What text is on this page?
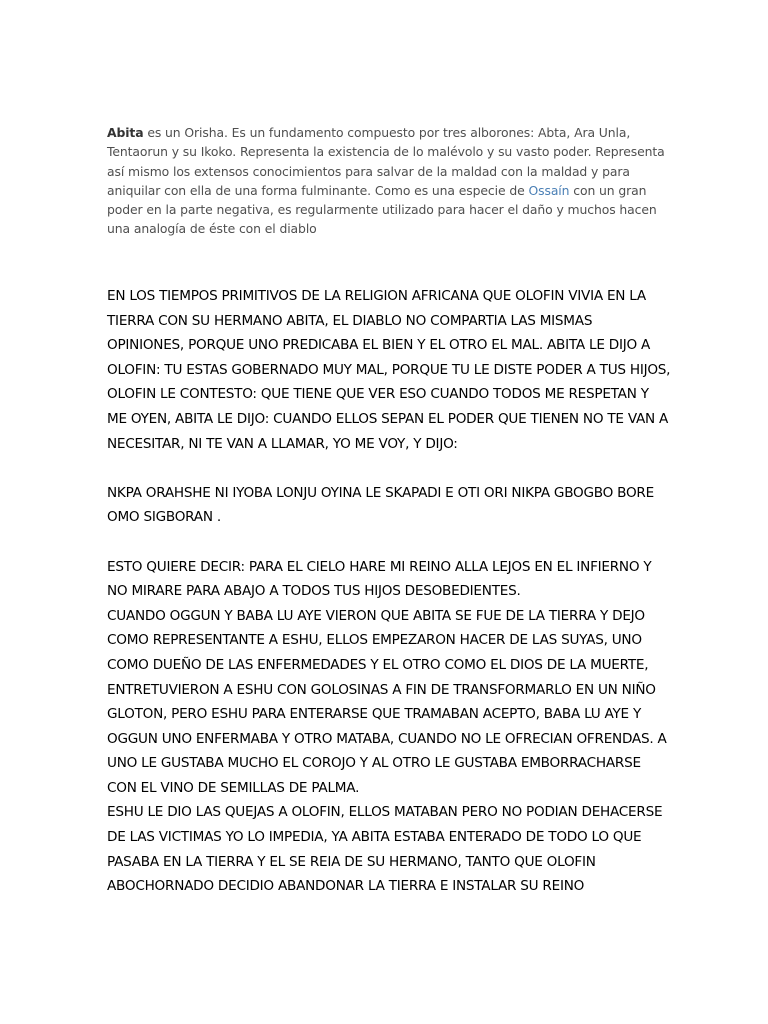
Abita es un Orisha. Es un fundamento compuesto por tres alborones: Abta, Ara Unla, Tentaorun y su Ikoko. Representa la existencia de lo malévolo y su vasto poder. Representa así mismo los extensos conocimientos para salvar de la maldad con la maldad y para aniquilar con ella de una forma fulminante. Como es una especie de Ossaín con un gran poder en la parte negativa, es regularmente utilizado para hacer el daño y muchos hacen una analogía de éste con el diablo

EN LOS TIEMPOS PRIMITIVOS DE LA RELIGION AFRICANA QUE OLOFIN VIVIA EN LA TIERRA CON SU HERMANO ABITA, EL DIABLO NO COMPARTIA LAS MISMAS OPINIONES, PORQUE UNO PREDICABA EL BIEN Y EL OTRO EL MAL. ABITA LE DIJO A OLOFIN: TU ESTAS GOBERNADO MUY MAL, PORQUE TU LE DISTE PODER A TUS HIJOS, OLOFIN LE CONTESTO: QUE TIENE QUE VER ESO CUANDO TODOS ME RESPETAN Y ME OYEN, ABITA LE DIJO: CUANDO ELLOS SEPAN EL PODER QUE TIENEN NO TE VAN A NECESITAR, NI TE VAN A LLAMAR, YO ME VOY, Y DIJO:

NKPA ORAHSHE NI IYOBA LONJU OYINA LE SKAPADI E OTI ORI NIKPA GBOGBO BORE OMO SIGBORAN .

ESTO QUIERE DECIR: PARA EL CIELO HARE MI REINO ALLA LEJOS EN EL INFIERNO Y NO MIRARE PARA ABAJO A TODOS TUS HIJOS DESOBEDIENTES.

CUANDO OGGUN Y BABA LU AYE VIERON QUE ABITA SE FUE DE LA TIERRA Y DEJO COMO REPRESENTANTE A ESHU, ELLOS EMPEZARON HACER DE LAS SUYAS, UNO COMO DUEÑO DE LAS ENFERMEDADES Y EL OTRO COMO EL DIOS DE LA MUERTE, ENTRETUVIERON A ESHU CON GOLOSINAS A FIN DE TRANSFORMARLO EN UN NIÑO GLOTON, PERO ESHU PARA ENTERARSE QUE TRAMABAN ACEPTO, BABA LU AYE Y OGGUN UNO ENFERMABA Y OTRO MATABA, CUANDO NO LE OFRECIAN OFRENDAS. A UNO LE GUSTABA MUCHO EL COROJO Y AL OTRO LE GUSTABA EMBORRACHARSE CON EL VINO DE SEMILLAS DE PALMA.

ESHU LE DIO LAS QUEJAS A OLOFIN, ELLOS MATABAN PERO NO PODIAN DEHACERSE DE LAS VICTIMAS YO LO IMPEDIA, YA ABITA ESTABA ENTERADO DE TODO LO QUE PASABA EN LA TIERRA Y EL SE REIA DE SU HERMANO, TANTO QUE OLOFIN ABOCHORNADO DECIDIO ABANDONAR LA TIERRA E INSTALAR SU REINO
